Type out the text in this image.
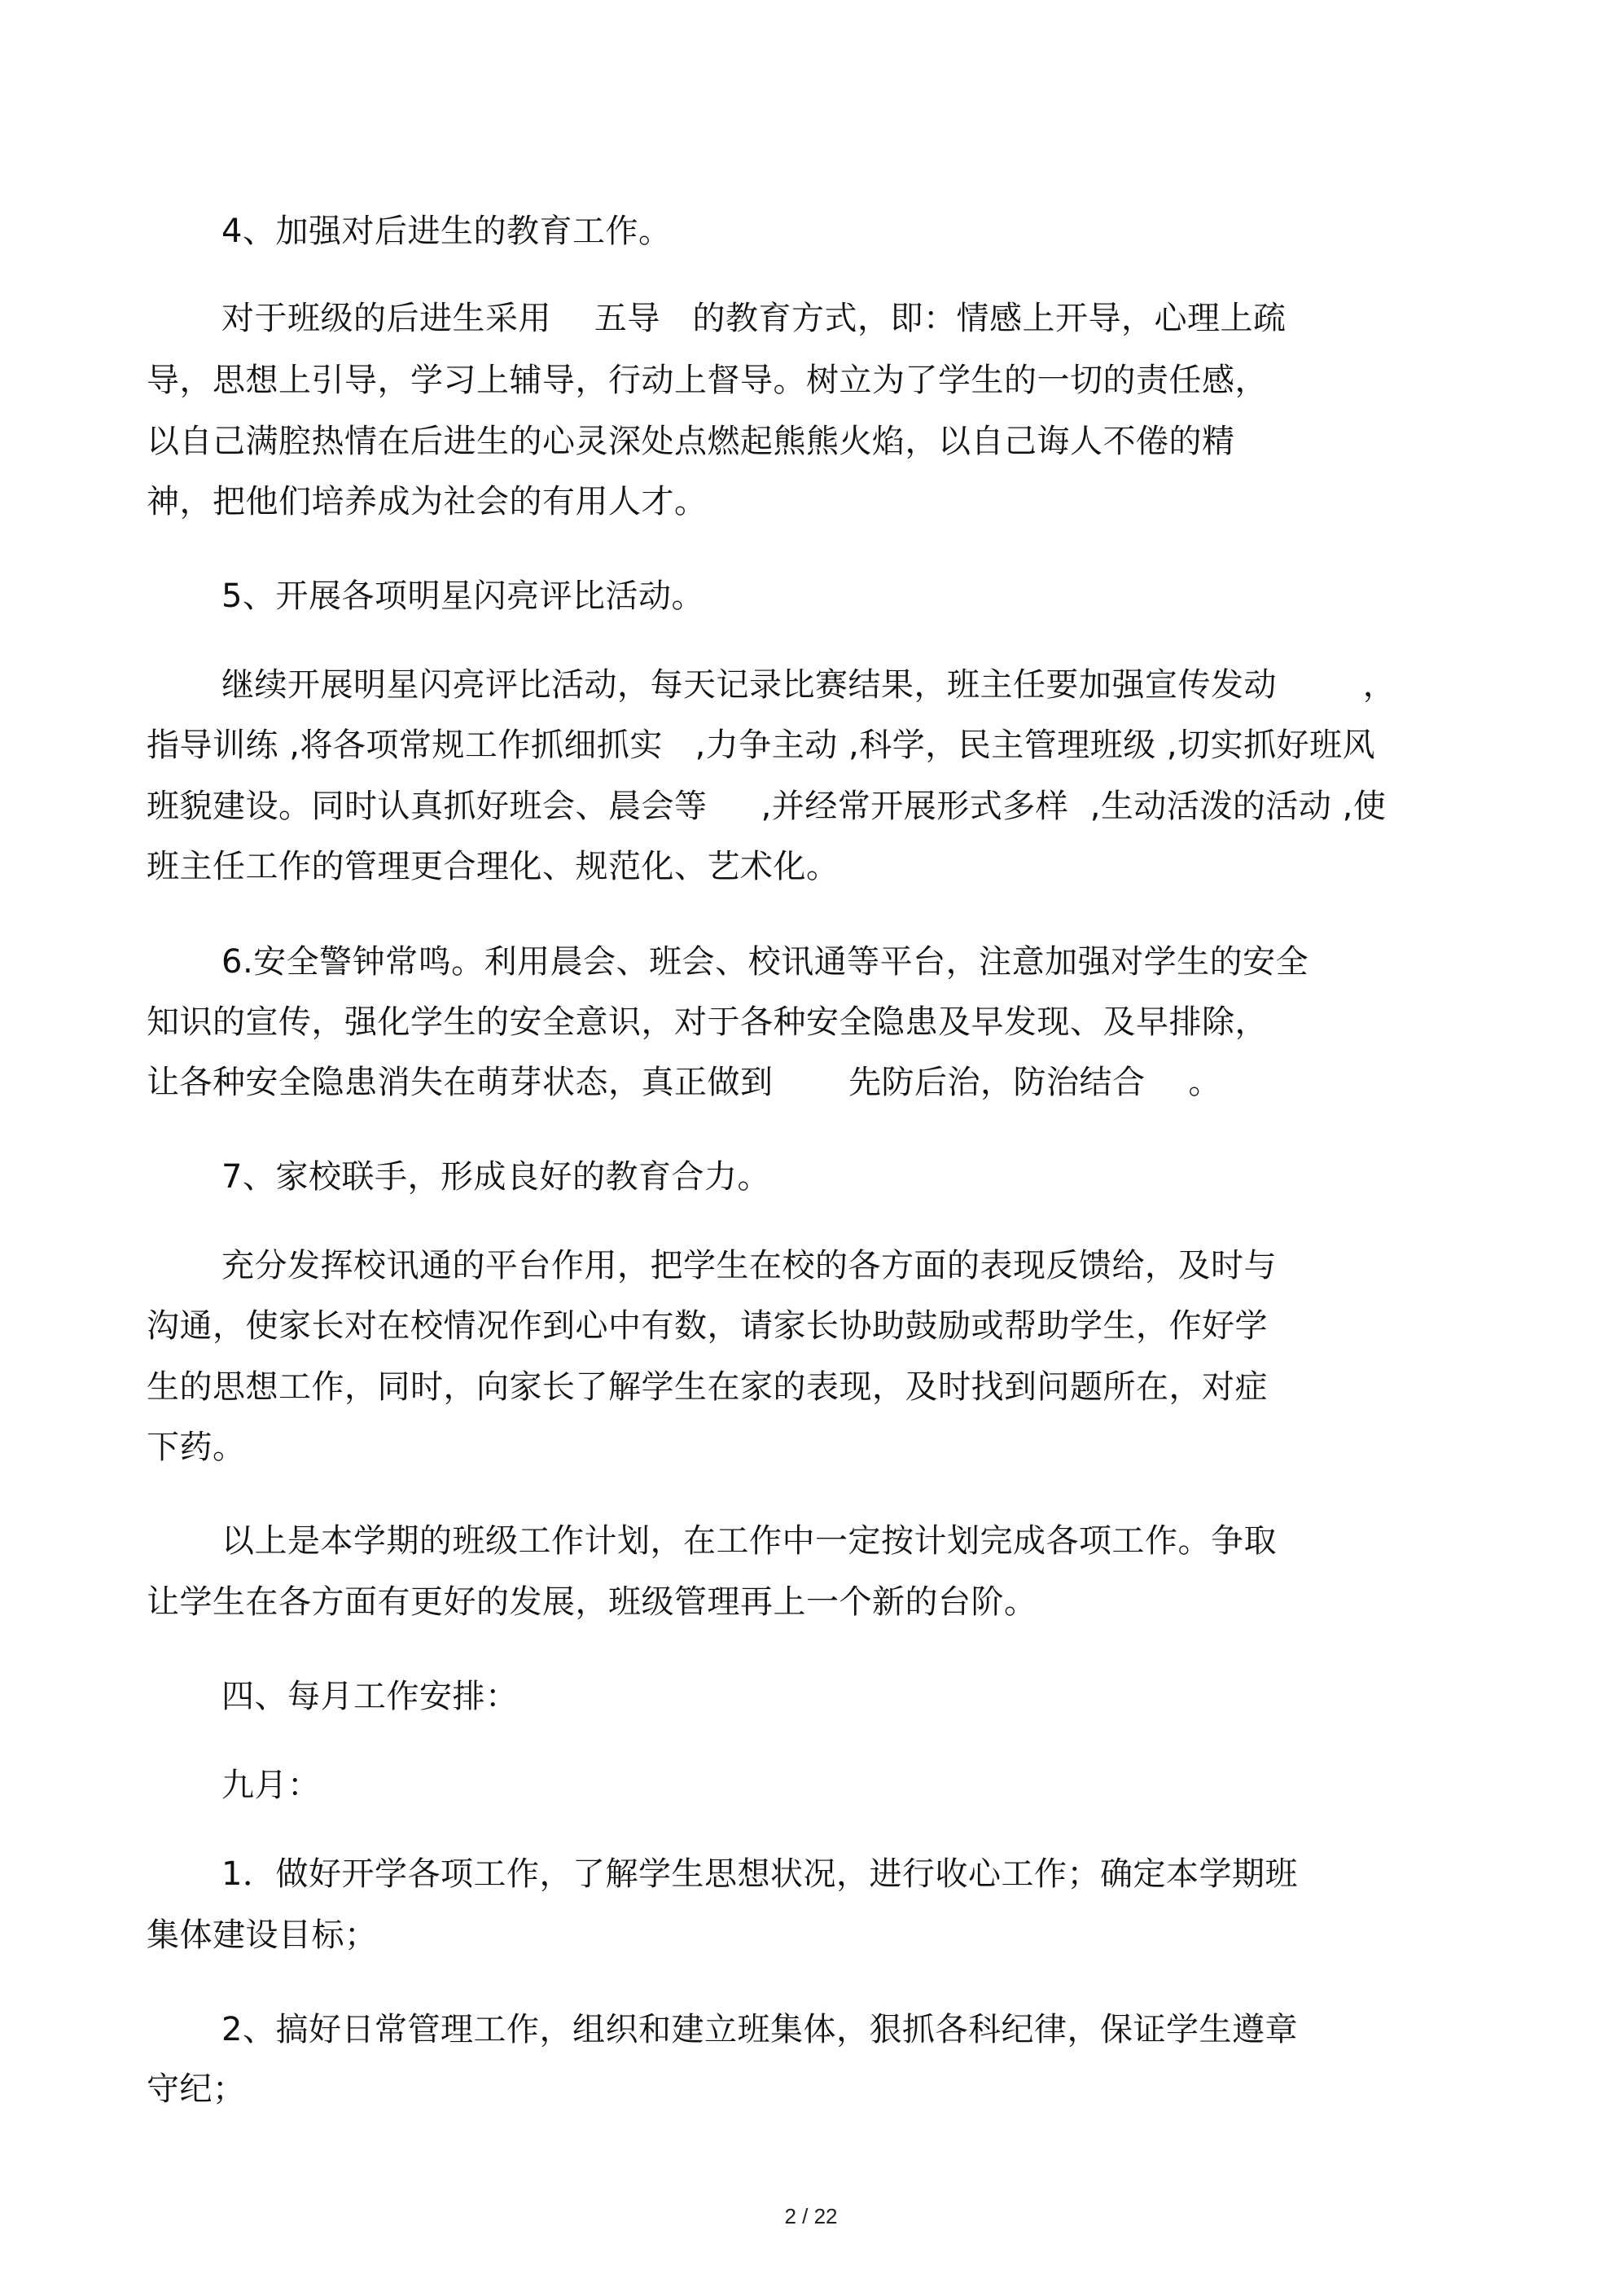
4、加强对后进生的教育工作。
对于班级的后进生采用    五导   的教育方式，即：情感上开导，心理上疏
导，思想上引导，学习上辅导，行动上督导。树立为了学生的一切的责任感，
以自己满腔热情在后进生的心灵深处点燃起熊熊火焰，以自己诲人不倦的精
神，把他们培养成为社会的有用人才。
5、开展各项明星闪亮评比活动。
继续开展明星闪亮评比活动，每天记录比赛结果，班主任要加强宣传发动        ，
指导训练 ,将各项常规工作抓细抓实   ,力争主动 ,科学，民主管理班级 ,切实抓好班风
班貌建设。同时认真抓好班会、晨会等     ,并经常开展形式多样  ,生动活泼的活动 ,使
班主任工作的管理更合理化、规范化、艺术化。
6.安全警钟常鸣。利用晨会、班会、校讯通等平台，注意加强对学生的安全
知识的宣传，强化学生的安全意识，对于各种安全隐患及早发现、及早排除，
让各种安全隐患消失在萌芽状态，真正做到       先防后治，防治结合    。
7、家校联手，形成良好的教育合力。
充分发挥校讯通的平台作用，把学生在校的各方面的表现反馈给，及时与
沟通，使家长对在校情况作到心中有数，请家长协助鼓励或帮助学生，作好学
生的思想工作，同时，向家长了解学生在家的表现，及时找到问题所在，对症
下药。
以上是本学期的班级工作计划，在工作中一定按计划完成各项工作。争取
让学生在各方面有更好的发展，班级管理再上一个新的台阶。
四、每月工作安排：
九月：
1．做好开学各项工作，了解学生思想状况，进行收心工作；确定本学期班
集体建设目标；
2、搞好日常管理工作，组织和建立班集体，狠抓各科纪律，保证学生遵章
守纪；
2 / 22
